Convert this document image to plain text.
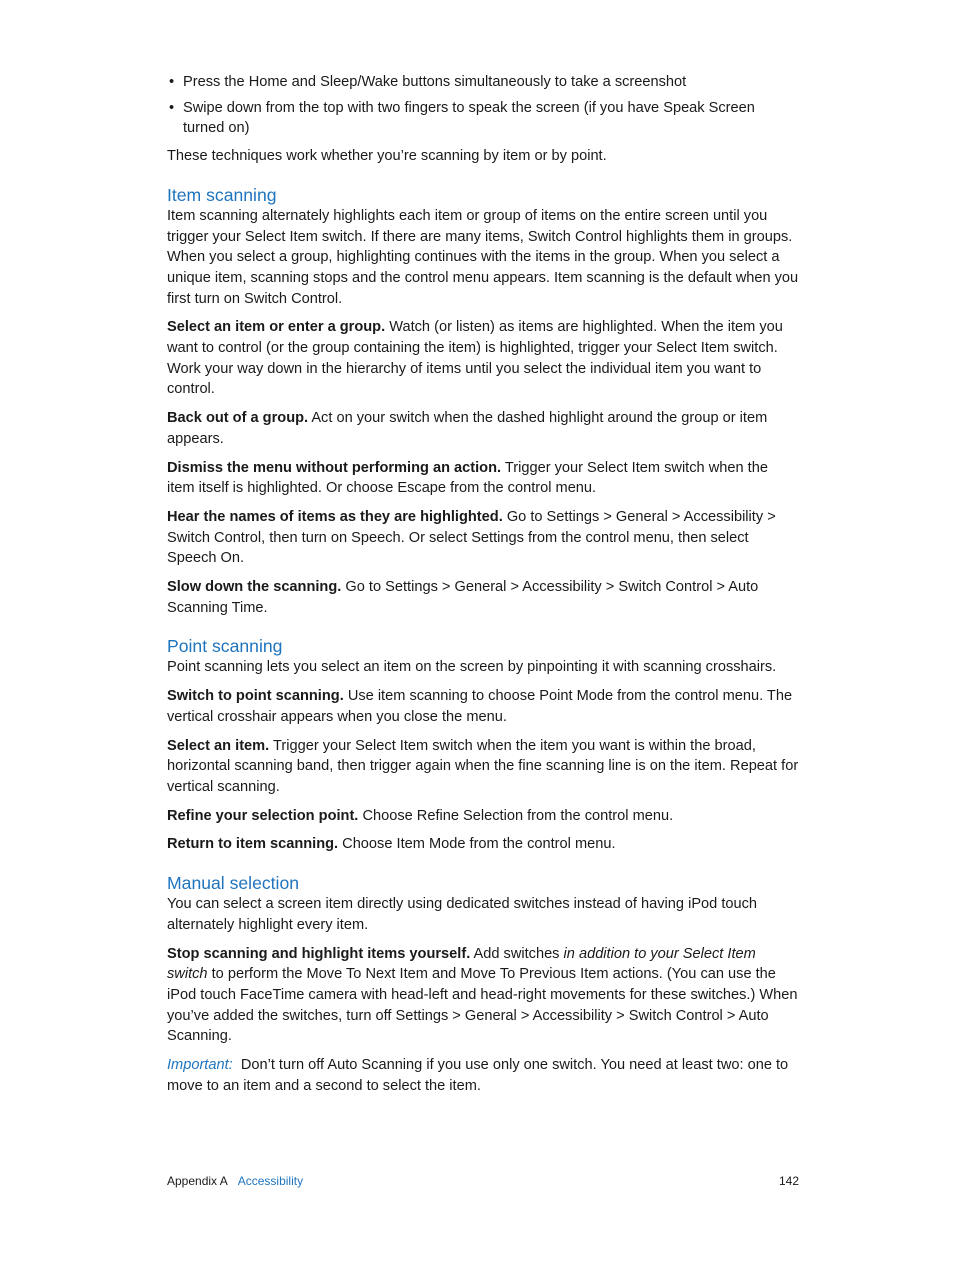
• Press the Home and Sleep/Wake buttons simultaneously to take a screenshot
• Swipe down from the top with two fingers to speak the screen (if you have Speak Screen turned on)

These techniques work whether you’re scanning by item or by point.

Item scanning

Item scanning alternately highlights each item or group of items on the entire screen until you trigger your Select Item switch. If there are many items, Switch Control highlights them in groups. When you select a group, highlighting continues with the items in the group. When you select a unique item, scanning stops and the control menu appears. Item scanning is the default when you first turn on Switch Control.

Select an item or enter a group. Watch (or listen) as items are highlighted. When the item you want to control (or the group containing the item) is highlighted, trigger your Select Item switch. Work your way down in the hierarchy of items until you select the individual item you want to control.

Back out of a group. Act on your switch when the dashed highlight around the group or item appears.

Dismiss the menu without performing an action. Trigger your Select Item switch when the item itself is highlighted. Or choose Escape from the control menu.

Hear the names of items as they are highlighted. Go to Settings > General > Accessibility > Switch Control, then turn on Speech. Or select Settings from the control menu, then select Speech On.

Slow down the scanning. Go to Settings > General > Accessibility > Switch Control > Auto Scanning Time.

Point scanning

Point scanning lets you select an item on the screen by pinpointing it with scanning crosshairs.

Switch to point scanning. Use item scanning to choose Point Mode from the control menu. The vertical crosshair appears when you close the menu.

Select an item. Trigger your Select Item switch when the item you want is within the broad, horizontal scanning band, then trigger again when the fine scanning line is on the item. Repeat for vertical scanning.

Refine your selection point. Choose Refine Selection from the control menu.

Return to item scanning. Choose Item Mode from the control menu.

Manual selection

You can select a screen item directly using dedicated switches instead of having iPod touch alternately highlight every item.

Stop scanning and highlight items yourself. Add switches in addition to your Select Item switch to perform the Move To Next Item and Move To Previous Item actions. (You can use the iPod touch FaceTime camera with head-left and head-right movements for these switches.) When you’ve added the switches, turn off Settings > General > Accessibility > Switch Control > Auto Scanning.

Important: Don’t turn off Auto Scanning if you use only one switch. You need at least two: one to move to an item and a second to select the item.

Appendix A Accessibility	142
